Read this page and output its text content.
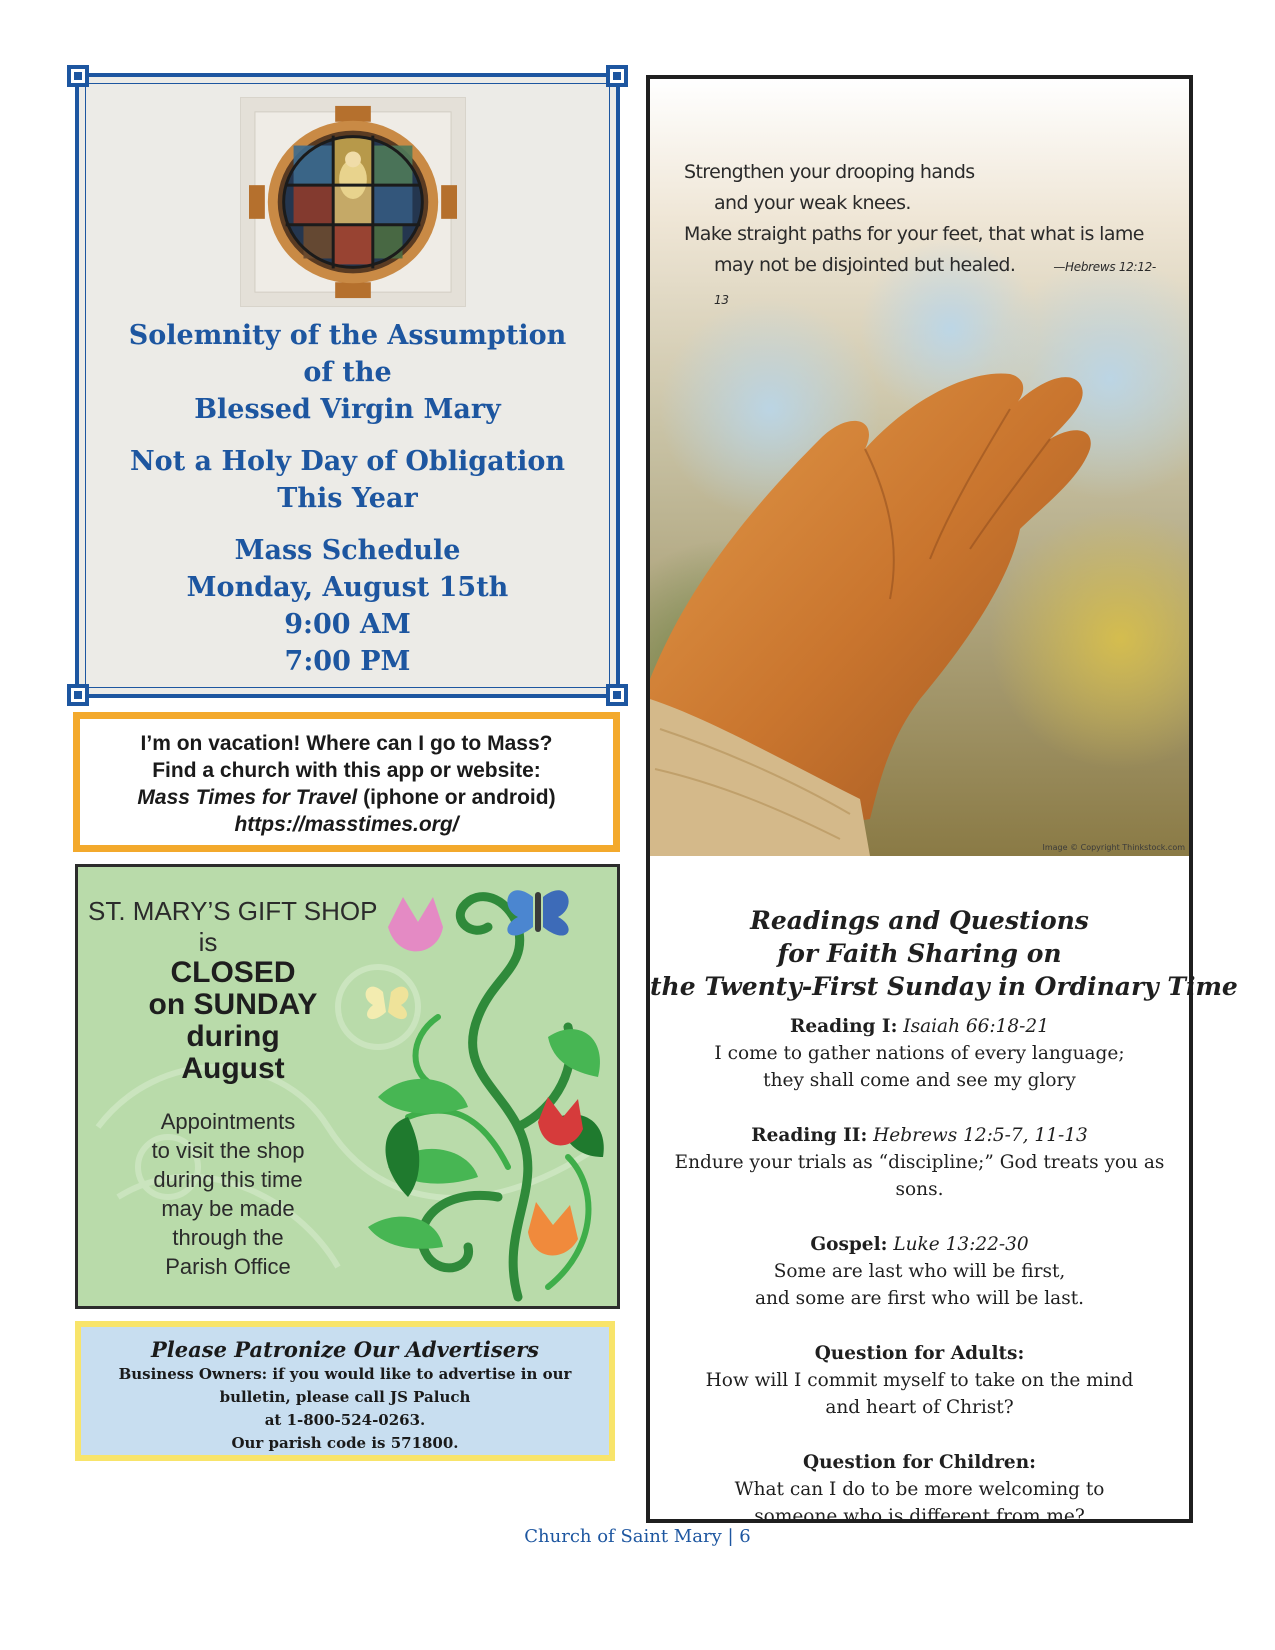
Solemnity of the Assumption
of the
Blessed Virgin Mary
Not a Holy Day of Obligation
This Year
Mass Schedule
Monday, August 15th
9:00 AM
7:00 PM
I’m on vacation! Where can I go to Mass?
Find a church with this app or website:
Mass Times for Travel (iphone or android)
https://masstimes.org/
ST. MARY’S GIFT SHOP
is
CLOSED
on SUNDAY
during
August
Appointments
to visit the shop
during this time
may be made
through the
Parish Office
Please Patronize Our Advertisers
Business Owners: if you would like to advertise in our
bulletin, please call JS Paluch
at 1-800-524-0263.
Our parish code is 571800.
Strengthen your drooping hands
and your weak knees.
Make straight paths for your feet, that what is lame
may not be disjointed but healed.	—Hebrews 12:12-13
Image © Copyright Thinkstock.com
Readings and Questions
for Faith Sharing on
the Twenty-First Sunday in Ordinary Time
Reading I: Isaiah 66:18-21
I come to gather nations of every language;
they shall come and see my glory
Reading II: Hebrews 12:5-7, 11-13
Endure your trials as “discipline;” God treats you as sons.
Gospel: Luke 13:22-30
Some are last who will be first,
and some are first who will be last.
Question for Adults:
How will I commit myself to take on the mind
and heart of Christ?
Question for Children:
What can I do to be more welcoming to
someone who is different from me?
Church of Saint Mary | 6
